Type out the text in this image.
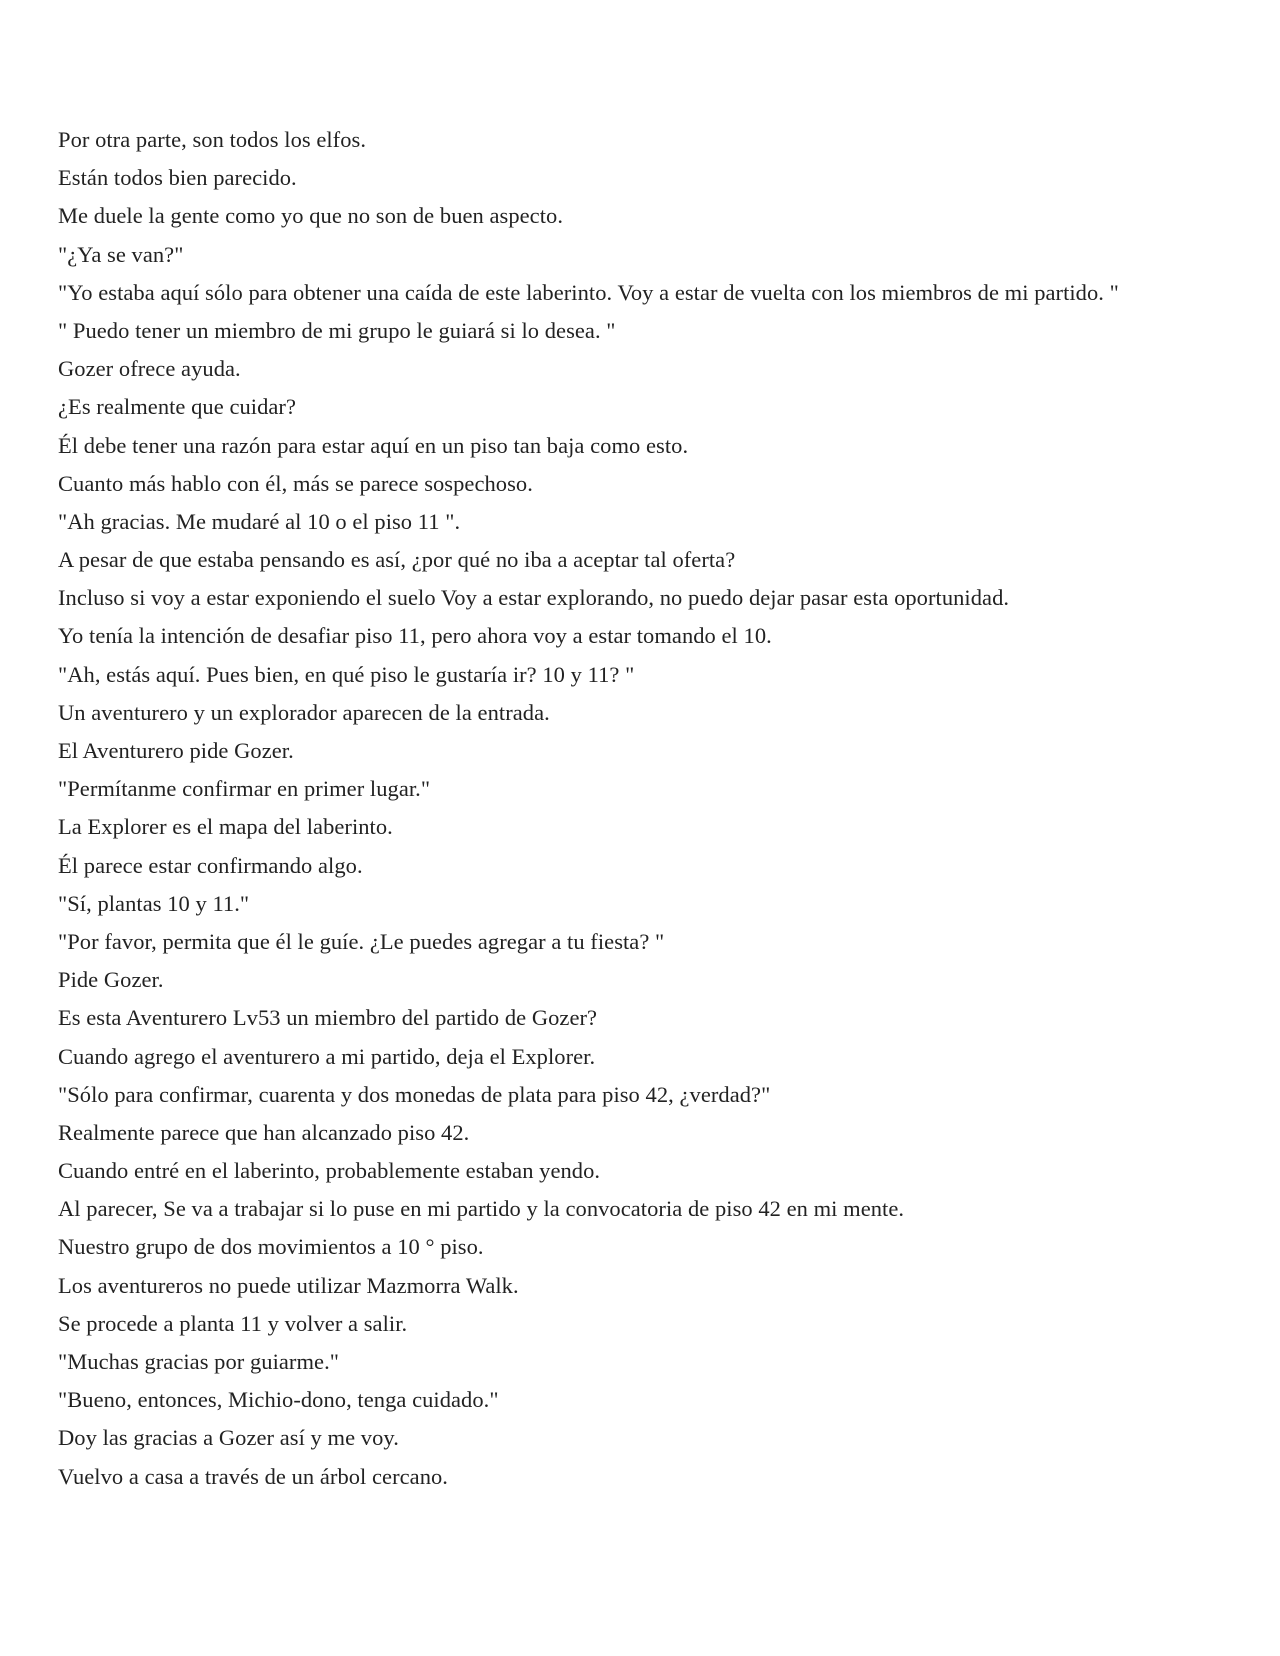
Por otra parte, son todos los elfos.

Están todos bien parecido.

Me duele la gente como yo que no son de buen aspecto.

"¿Ya se van?"

"Yo estaba aquí sólo para obtener una caída de este laberinto. Voy a estar de vuelta con los miembros de mi partido. "

" Puedo tener un miembro de mi grupo le guiará si lo desea. "

Gozer ofrece ayuda.

¿Es realmente que cuidar?

Él debe tener una razón para estar aquí en un piso tan baja como esto.

Cuanto más hablo con él, más se parece sospechoso.

"Ah gracias. Me mudaré al 10 o el piso 11 ".

A pesar de que estaba pensando es así, ¿por qué no iba a aceptar tal oferta?

Incluso si voy a estar exponiendo el suelo Voy a estar explorando, no puedo dejar pasar esta oportunidad.

Yo tenía la intención de desafiar piso 11, pero ahora voy a estar tomando el 10.

"Ah, estás aquí. Pues bien, en qué piso le gustaría ir? 10 y 11? "

Un aventurero y un explorador aparecen de la entrada.

El Aventurero pide Gozer.

"Permítanme confirmar en primer lugar."

La Explorer es el mapa del laberinto.

Él parece estar confirmando algo.

"Sí, plantas 10 y 11."

"Por favor, permita que él le guíe. ¿Le puedes agregar a tu fiesta? "

Pide Gozer.

Es esta Aventurero Lv53 un miembro del partido de Gozer?

Cuando agrego el aventurero a mi partido, deja el Explorer.

"Sólo para confirmar, cuarenta y dos monedas de plata para piso 42, ¿verdad?"

Realmente parece que han alcanzado piso 42.

Cuando entré en el laberinto, probablemente estaban yendo.

Al parecer, Se va a trabajar si lo puse en mi partido y la convocatoria de piso 42 en mi mente.

Nuestro grupo de dos movimientos a 10 ° piso.

Los aventureros no puede utilizar Mazmorra Walk.

Se procede a planta 11 y volver a salir.

"Muchas gracias por guiarme."

"Bueno, entonces, Michio-dono, tenga cuidado."

Doy las gracias a Gozer así y me voy.

Vuelvo a casa a través de un árbol cercano.
